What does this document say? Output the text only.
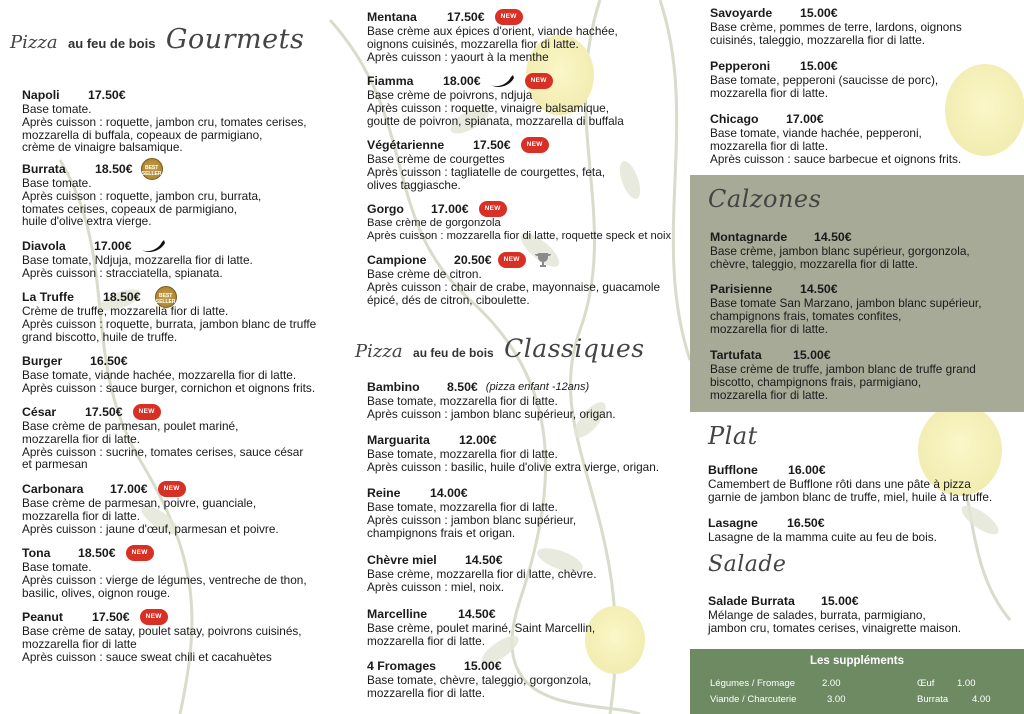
Pizza au feu de bois Gourmets
Napoli	17.50€
Base tomate.
Après cuisson : roquette, jambon cru, tomates cerises,
mozzarella di buffala, copeaux de parmigiano,
crème de vinaigre balsamique.
Burrata	18.50€	BEST SELLER
Base tomate.
Après cuisson : roquette, jambon cru, burrata,
tomates cerises, copeaux de parmigiano,
huile d'olive extra vierge.
Diavola	17.00€
Base tomate, Ndjuja, mozzarella fior di latte.
Après cuisson : stracciatella, spianata.
La Truffe	18.50€	BEST SELLER
Crème de truffe, mozzarella fior di latte.
Après cuisson : roquette, burrata, jambon blanc de truffe
grand biscotto, huile de truffe.
Burger	16.50€
Base tomate, viande hachée, mozzarella fior di latte.
Après cuisson : sauce burger, cornichon et oignons frits.
César	17.50€	NEW
Base crème de parmesan, poulet mariné,
mozzarella fior di latte.
Après cuisson : sucrine, tomates cerises, sauce césar
et parmesan
Carbonara	17.00€	NEW
Base crème de parmesan, poivre, guanciale,
mozzarella fior di latte.
Après cuisson : jaune d'œuf, parmesan et poivre.
Tona	18.50€	NEW
Base tomate.
Après cuisson : vierge de légumes, ventreche de thon,
basilic, olives, oignon rouge.
Peanut	17.50€	NEW
Base crème de satay, poulet satay, poivrons cuisinés,
mozzarella fior di latte
Après cuisson : sauce sweat chili et cacahuètes
Mentana	17.50€	NEW
Base crème aux épices d'orient, viande hachée,
oignons cuisinés, mozzarella fior di latte.
Après cuisson : yaourt à la menthe
Fiamma	18.00€	NEW
Base crème de poivrons, ndjuja
Après cuisson : roquette, vinaigre balsamique,
goutte de poivron, spianata, mozzarella di buffala
Végétarienne	17.50€	NEW
Base crème de courgettes
Après cuisson : tagliatelle de courgettes, feta,
olives taggiasche.
Gorgo	17.00€	NEW
Base crème de gorgonzola
Après cuisson : mozzarella fior di latte, roquette speck et noix
Campione	20.50€	NEW
Base crème de citron.
Après cuisson : chair de crabe, mayonnaise, guacamole
épicé, dés de citron, ciboulette.
Pizza au feu de bois Classiques
Bambino	8.50€ (pizza enfant -12ans)
Base tomate, mozzarella fior di latte.
Après cuisson : jambon blanc supérieur, origan.
Marguarita	12.00€
Base tomate, mozzarella fior di latte.
Après cuisson : basilic, huile d'olive extra vierge, origan.
Reine	14.00€
Base tomate, mozzarella fior di latte.
Après cuisson : jambon blanc supérieur,
champignons frais et origan.
Chèvre miel	14.50€
Base crème, mozzarella fior di latte, chèvre.
Après cuisson : miel, noix.
Marcelline	14.50€
Base crème, poulet mariné, Saint Marcellin,
mozzarella fior di latte.
4 Fromages	15.00€
Base tomate, chèvre, taleggio, gorgonzola,
mozzarella fior di latte.
Savoyarde	15.00€
Base crème, pommes de terre, lardons, oignons
cuisinés, taleggio, mozzarella fior di latte.
Pepperoni	15.00€
Base tomate, pepperoni (saucisse de porc),
mozzarella fior di latte.
Chicago	17.00€
Base tomate, viande hachée, pepperoni,
mozzarella fior di latte.
Après cuisson : sauce barbecue et oignons frits.
Calzones
Montagnarde	14.50€
Base crème, jambon blanc supérieur, gorgonzola,
chèvre, taleggio, mozzarella fior di latte.
Parisienne	14.50€
Base tomate San Marzano, jambon blanc supérieur,
champignons frais, tomates confites,
mozzarella fior di latte.
Tartufata	15.00€
Base crème de truffe, jambon blanc de truffe grand
biscotto, champignons frais, parmigiano,
mozzarella fior di latte.
Plat
Bufflone	16.00€
Camembert de Bufflone rôti dans une pâte à pizza
garnie de jambon blanc de truffe, miel, huile à la truffe.
Lasagne	16.50€
Lasagne de la mamma cuite au feu de bois.
Salade
Salade Burrata	15.00€
Mélange de salades, burrata, parmigiano,
jambon cru, tomates cerises, vinaigrette maison.
Les suppléments
Légumes / Fromage	2.00	Œuf 1.00
Viande / Charcuterie	3.00	Burrata	4.00
